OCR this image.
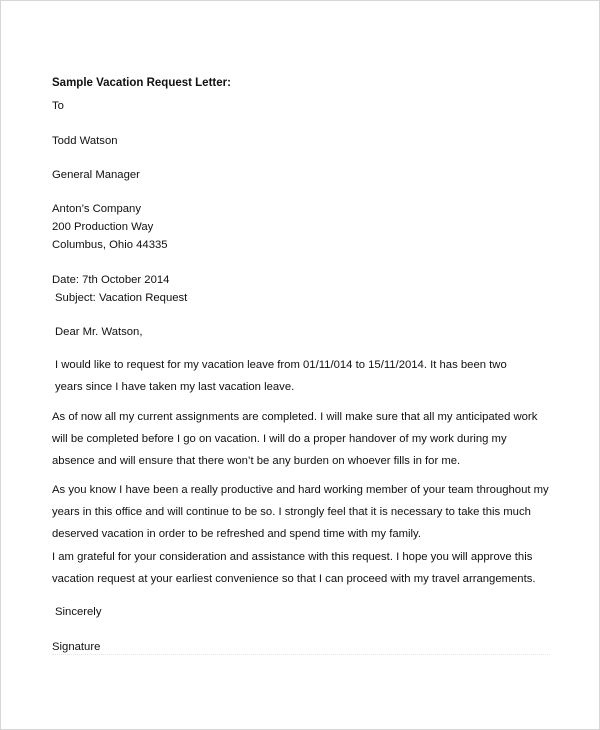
Sample Vacation Request Letter:
To
Todd Watson
General Manager
Anton’s Company
200 Production Way
Columbus, Ohio 44335
Date: 7th October 2014
Subject: Vacation Request
Dear Mr. Watson,
I would like to request for my vacation leave from 01/11/014 to 15/11/2014. It has been two years since I have taken my last vacation leave.
As of now all my current assignments are completed. I will make sure that all my anticipated work will be completed before I go on vacation. I will do a proper handover of my work during my absence and will ensure that there won’t be any burden on whoever fills in for me.
As you know I have been a really productive and hard working member of your team throughout my years in this office and will continue to be so. I strongly feel that it is necessary to take this much deserved vacation in order to be refreshed and spend time with my family.
I am grateful for your consideration and assistance with this request. I hope you will approve this vacation request at your earliest convenience so that I can proceed with my travel arrangements.
Sincerely
Signature
